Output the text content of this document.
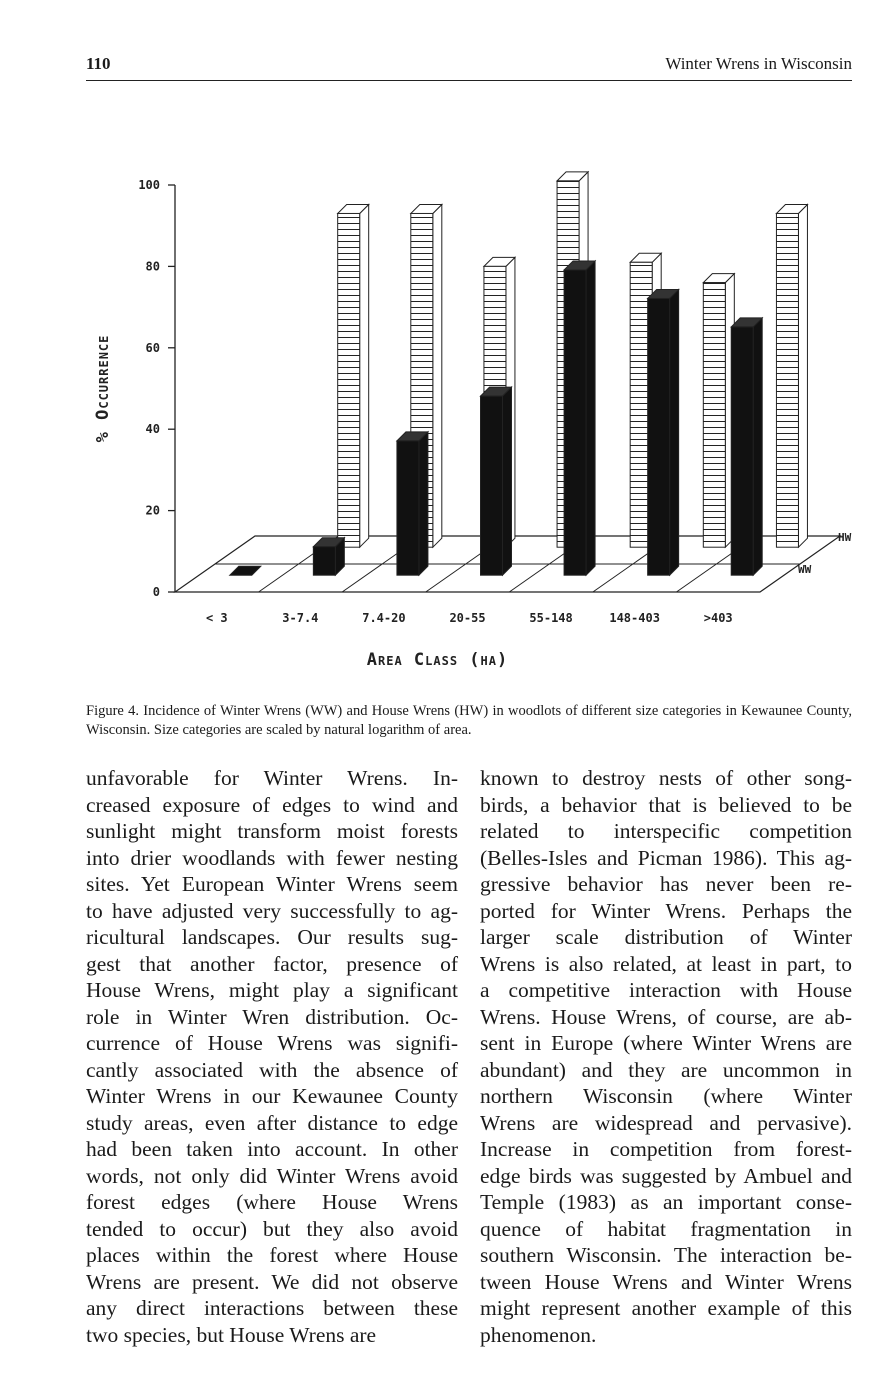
110	Winter Wrens in Wisconsin
0
20
40
60
80
100
< 3	3-7.4	7.4-20	20-55	55-148	148-403	>403
WW
HW
Area Class (ha)
% Occurrence
Figure 4. Incidence of Winter Wrens (WW) and House Wrens (HW) in woodlots of different size categories in Kewaunee County, Wisconsin. Size categories are scaled by natural logarithm of area.
unfavorable for Winter Wrens. In-
creased exposure of edges to wind and
sunlight might transform moist forests
into drier woodlands with fewer nesting
sites. Yet European Winter Wrens seem
to have adjusted very successfully to ag-
ricultural landscapes. Our results sug-
gest that another factor, presence of
House Wrens, might play a significant
role in Winter Wren distribution. Oc-
currence of House Wrens was signifi-
cantly associated with the absence of
Winter Wrens in our Kewaunee County
study areas, even after distance to edge
had been taken into account. In other
words, not only did Winter Wrens avoid
forest edges (where House Wrens
tended to occur) but they also avoid
places within the forest where House
Wrens are present. We did not observe
any direct interactions between these
two species, but House Wrens are
known to destroy nests of other song-
birds, a behavior that is believed to be
related to interspecific competition
(Belles-Isles and Picman 1986). This ag-
gressive behavior has never been re-
ported for Winter Wrens. Perhaps the
larger scale distribution of Winter
Wrens is also related, at least in part, to
a competitive interaction with House
Wrens. House Wrens, of course, are ab-
sent in Europe (where Winter Wrens are
abundant) and they are uncommon in
northern Wisconsin (where Winter
Wrens are widespread and pervasive).
Increase in competition from forest-
edge birds was suggested by Ambuel and
Temple (1983) as an important conse-
quence of habitat fragmentation in
southern Wisconsin. The interaction be-
tween House Wrens and Winter Wrens
might represent another example of this
phenomenon.
